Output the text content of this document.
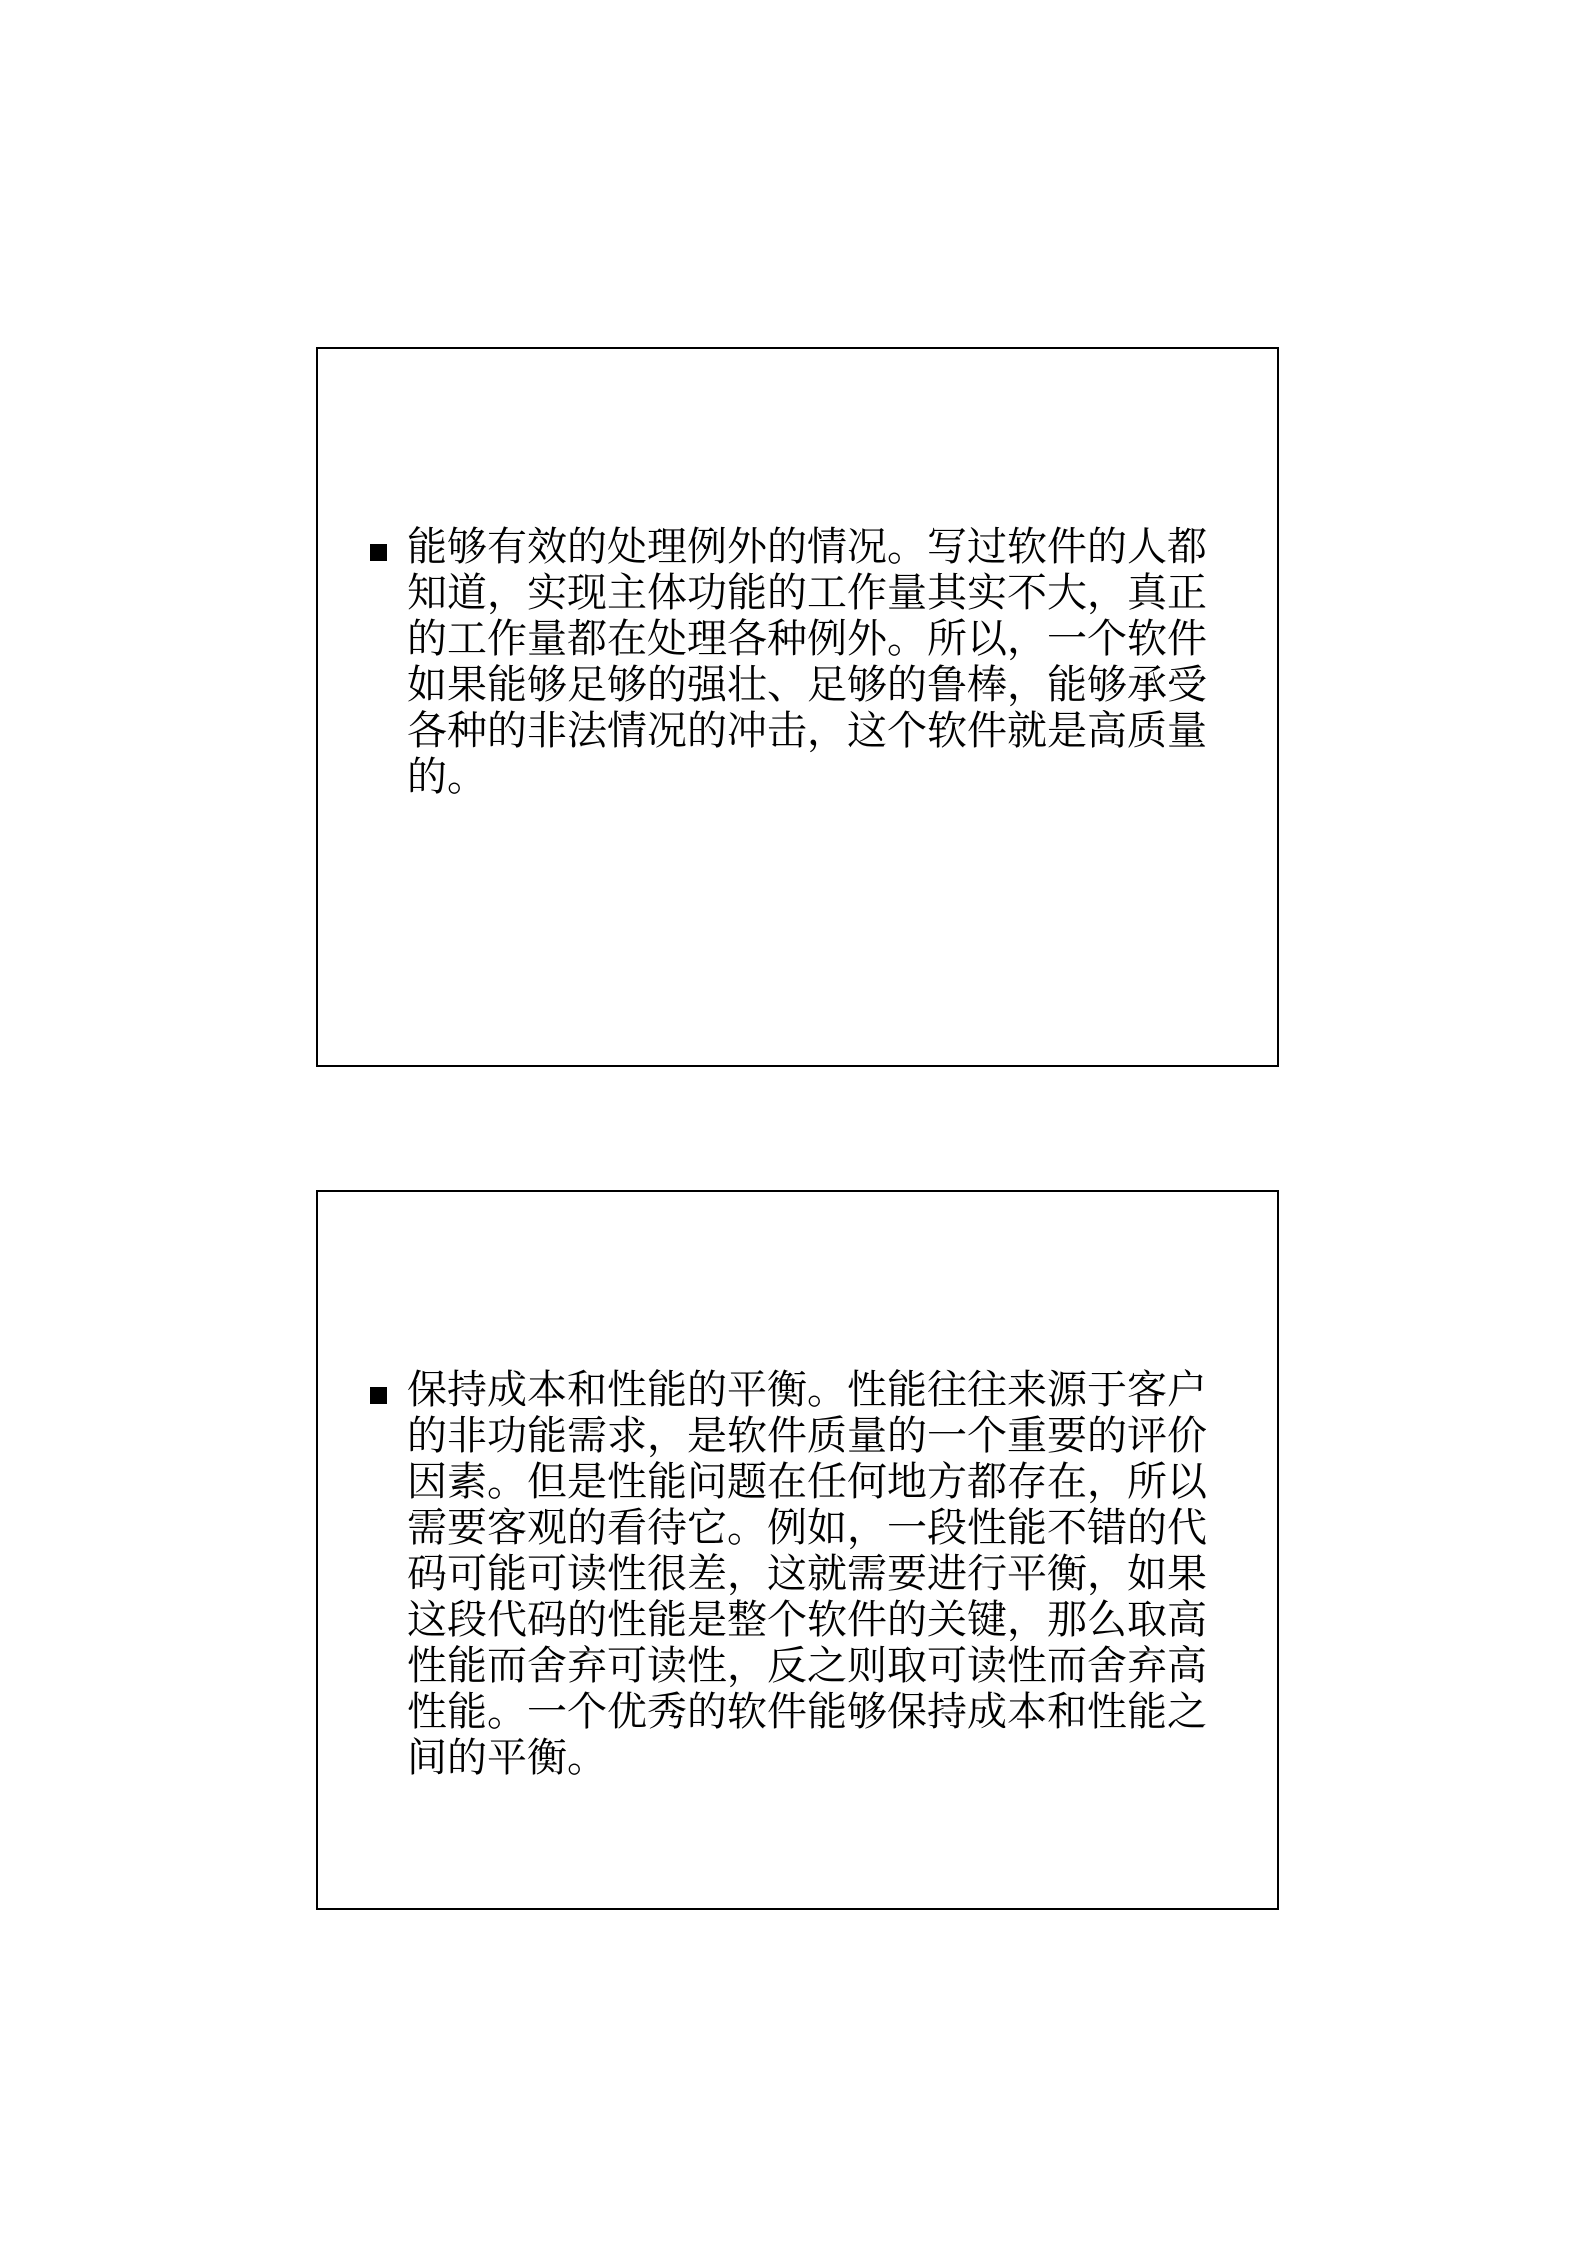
能够有效的处理例外的情况。写过软件的人都知道，实现主体功能的工作量其实不大，真正的工作量都在处理各种例外。所以，一个软件如果能够足够的强壮、足够的鲁棒，能够承受各种的非法情况的冲击，这个软件就是高质量的。
保持成本和性能的平衡。性能往往来源于客户的非功能需求，是软件质量的一个重要的评价因素。但是性能问题在任何地方都存在，所以需要客观的看待它。例如，一段性能不错的代码可能可读性很差，这就需要进行平衡，如果这段代码的性能是整个软件的关键，那么取高性能而舍弃可读性，反之则取可读性而舍弃高性能。一个优秀的软件能够保持成本和性能之间的平衡。
